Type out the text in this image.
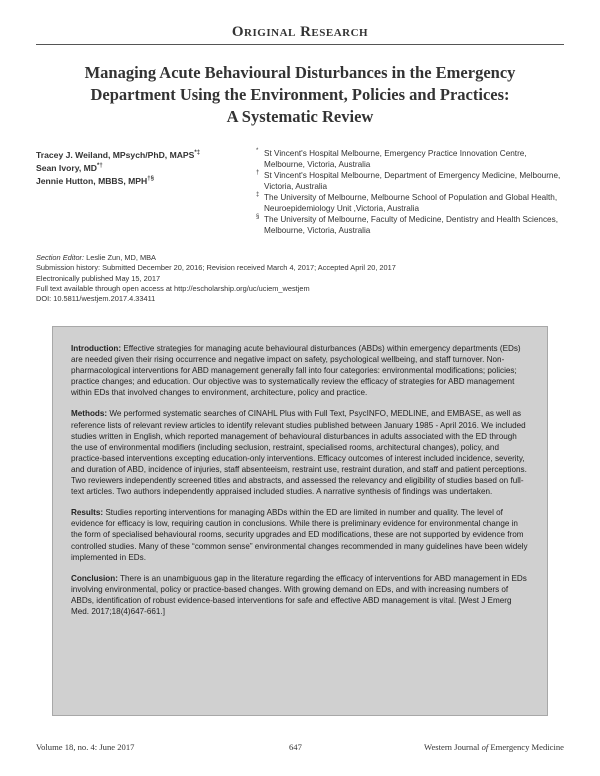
Original Research
Managing Acute Behavioural Disturbances in the Emergency
Department Using the Environment, Policies and Practices:
A Systematic Review
Tracey J. Weiland, MPsych/PhD, MAPS*‡
Sean Ivory, MD*†
Jennie Hutton, MBBS, MPH†§
* St Vincent's Hospital Melbourne, Emergency Practice Innovation Centre, Melbourne, Victoria, Australia
† St Vincent's Hospital Melbourne, Department of Emergency Medicine, Melbourne, Victoria, Australia
‡ The University of Melbourne, Melbourne School of Population and Global Health, Neuroepidemiology Unit ,Victoria, Australia
§ The University of Melbourne, Faculty of Medicine, Dentistry and Health Sciences, Melbourne, Victoria, Australia
Section Editor: Leslie Zun, MD, MBA
Submission history: Submitted December 20, 2016; Revision received March 4, 2017; Accepted April 20, 2017
Electronically published May 15, 2017
Full text available through open access at http://escholarship.org/uc/uciem_westjem
DOI: 10.5811/westjem.2017.4.33411

Introduction: Effective strategies for managing acute behavioural disturbances (ABDs) within emergency departments (EDs) are needed given their rising occurrence and negative impact on safety, psychological wellbeing, and staff turnover. Non-pharmacological interventions for ABD management generally fall into four categories: environmental modifications; policies; practice changes; and education. Our objective was to systematically review the efficacy of strategies for ABD management within EDs that involved changes to environment, architecture, policy and practice.

Methods: We performed systematic searches of CINAHL Plus with Full Text, PsycINFO, MEDLINE, and EMBASE, as well as reference lists of relevant review articles to identify relevant studies published between January 1985 - April 2016. We included studies written in English, which reported management of behavioural disturbances in adults associated with the ED through the use of environmental modifiers (including seclusion, restraint, specialised rooms, architectural changes), policy, and practice-based interventions excepting education-only interventions. Efficacy outcomes of interest included incidence, severity, and duration of ABD, incidence of injuries, staff absenteeism, restraint use, restraint duration, and staff and patient perceptions. Two reviewers independently screened titles and abstracts, and assessed the relevancy and eligibility of studies based on full-text articles. Two authors independently appraised included studies. A narrative synthesis of findings was undertaken.

Results: Studies reporting interventions for managing ABDs within the ED are limited in number and quality. The level of evidence for efficacy is low, requiring caution in conclusions. While there is preliminary evidence for environmental change in the form of specialised behavioural rooms, security upgrades and ED modifications, these are not supported by evidence from controlled studies. Many of these “common sense” environmental changes recommended in many guidelines have been widely implemented in EDs.

Conclusion: There is an unambiguous gap in the literature regarding the efficacy of interventions for ABD management in EDs involving environmental, policy or practice-based changes. With growing demand on EDs, and with increasing numbers of ABDs, identification of robust evidence-based interventions for safe and effective ABD management is vital. [West J Emerg Med. 2017;18(4)647-661.]

Volume 18, no. 4: June 2017	647	Western Journal of Emergency Medicine
